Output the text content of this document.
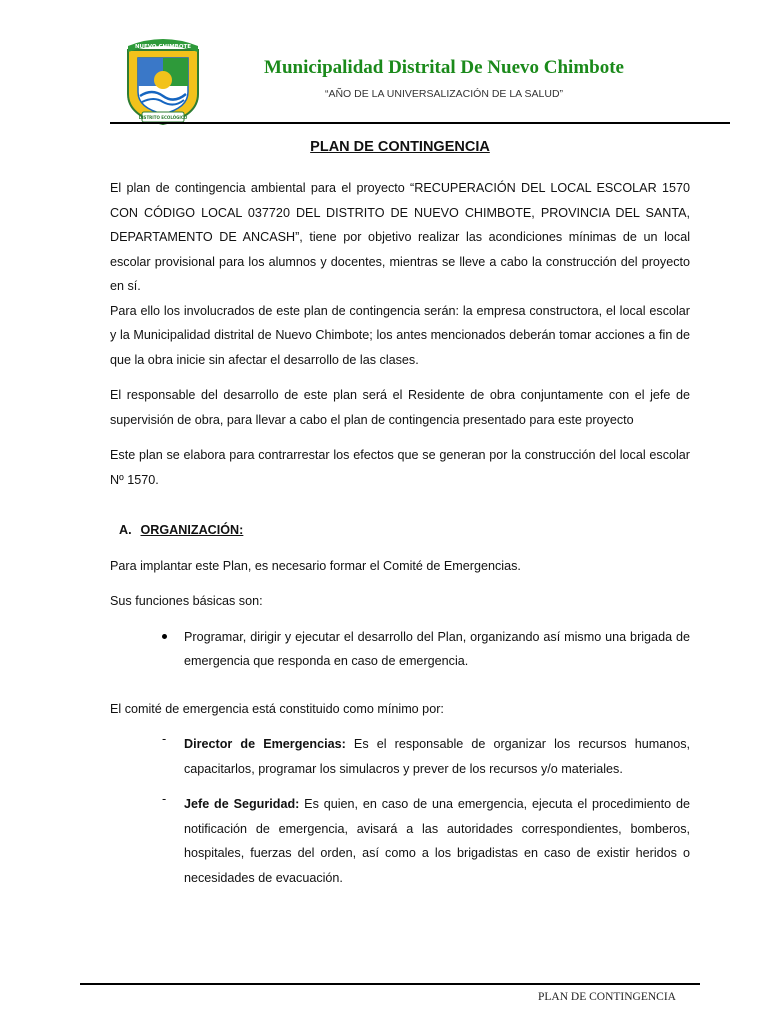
NUEVO CHIMBOTE
DISTRITO ECOLÓGICO
Municipalidad Distrital De Nuevo Chimbote
“AÑO DE LA UNIVERSALIZACIÓN DE LA SALUD”
PLAN DE CONTINGENCIA

El plan de contingencia ambiental para el proyecto “RECUPERACIÓN DEL LOCAL ESCOLAR 1570 CON CÓDIGO LOCAL 037720 DEL DISTRITO DE NUEVO CHIMBOTE, PROVINCIA DEL SANTA, DEPARTAMENTO DE ANCASH”, tiene por objetivo realizar las acondiciones mínimas de un local escolar provisional para los alumnos y docentes, mientras se lleve a cabo la construcción del proyecto en sí.

Para ello los involucrados de este plan de contingencia serán: la empresa constructora, el local escolar y la Municipalidad distrital de Nuevo Chimbote; los antes mencionados deberán tomar acciones a fin de que la obra inicie sin afectar el desarrollo de las clases.

El responsable del desarrollo de este plan será el Residente de obra conjuntamente con el jefe de supervisión de obra, para llevar a cabo el plan de contingencia presentado para este proyecto

Este plan se elabora para contrarrestar los efectos que se generan por la construcción del local escolar Nº 1570.

A. ORGANIZACIÓN:

Para implantar este Plan, es necesario formar el Comité de Emergencias.

Sus funciones básicas son:

Programar, dirigir y ejecutar el desarrollo del Plan, organizando así mismo una brigada de emergencia que responda en caso de emergencia.

El comité de emergencia está constituido como mínimo por:

- Director de Emergencias: Es el responsable de organizar los recursos humanos, capacitarlos, programar los simulacros y prever de los recursos y/o materiales.

- Jefe de Seguridad: Es quien, en caso de una emergencia, ejecuta el procedimiento de notificación de emergencia, avisará a las autoridades correspondientes, bomberos, hospitales, fuerzas del orden, así como a los brigadistas en caso de existir heridos o necesidades de evacuación.

PLAN DE CONTINGENCIA
